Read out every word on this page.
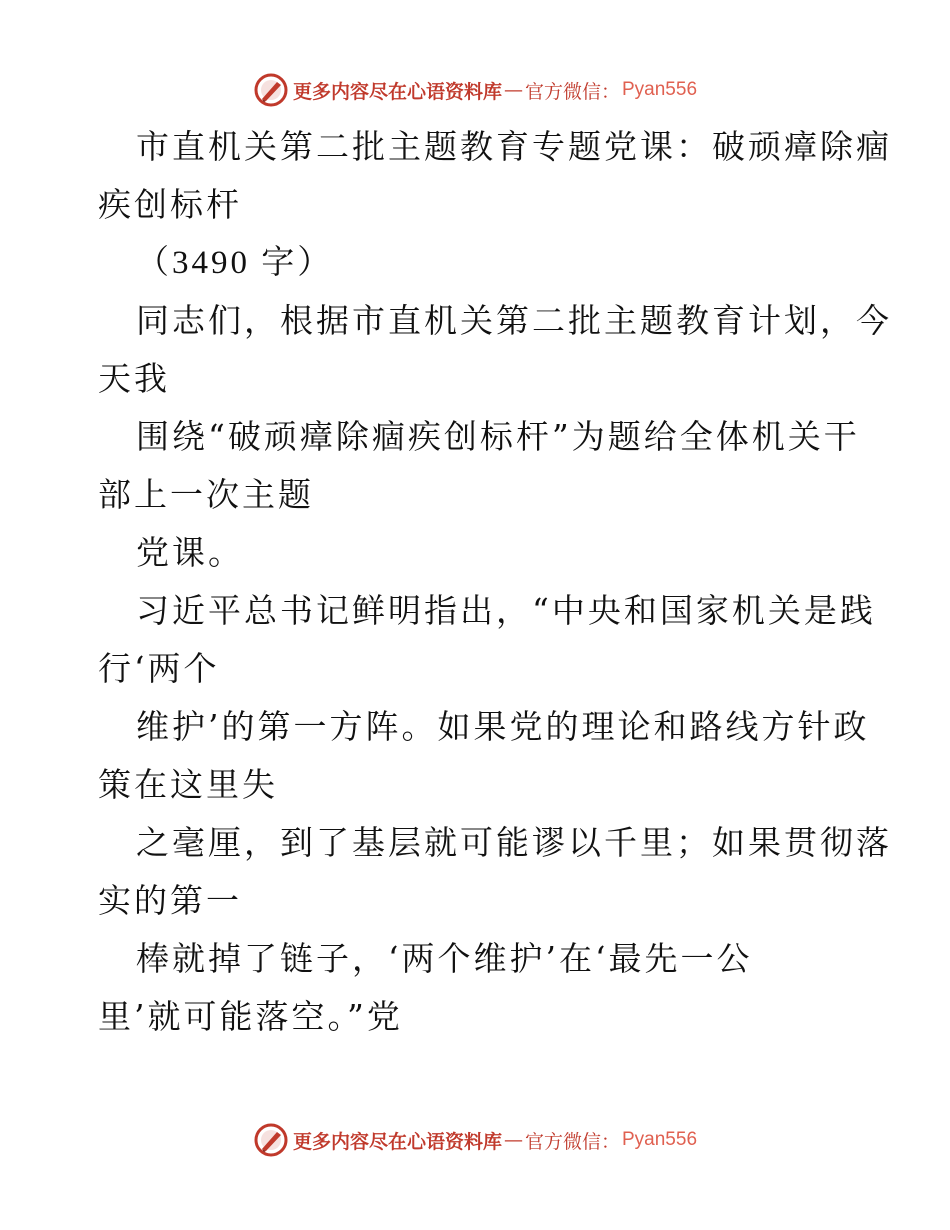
更多内容尽在心语资料库 — 官方微信： Pyan556
市直机关第二批主题教育专题党课：破顽瘴除痼
疾创标杆
（3490 字）
同志们，根据市直机关第二批主题教育计划，今
天我
围绕“破顽瘴除痼疾创标杆”为题给全体机关干
部上一次主题
党课。
习近平总书记鲜明指出，“中央和国家机关是践
行‘两个
维护’的第一方阵。如果党的理论和路线方针政
策在这里失
之毫厘，到了基层就可能谬以千里；如果贯彻落
实的第一
棒就掉了链子，‘两个维护’在‘最先一公
里’就可能落空。”党
更多内容尽在心语资料库 — 官方微信： Pyan556
